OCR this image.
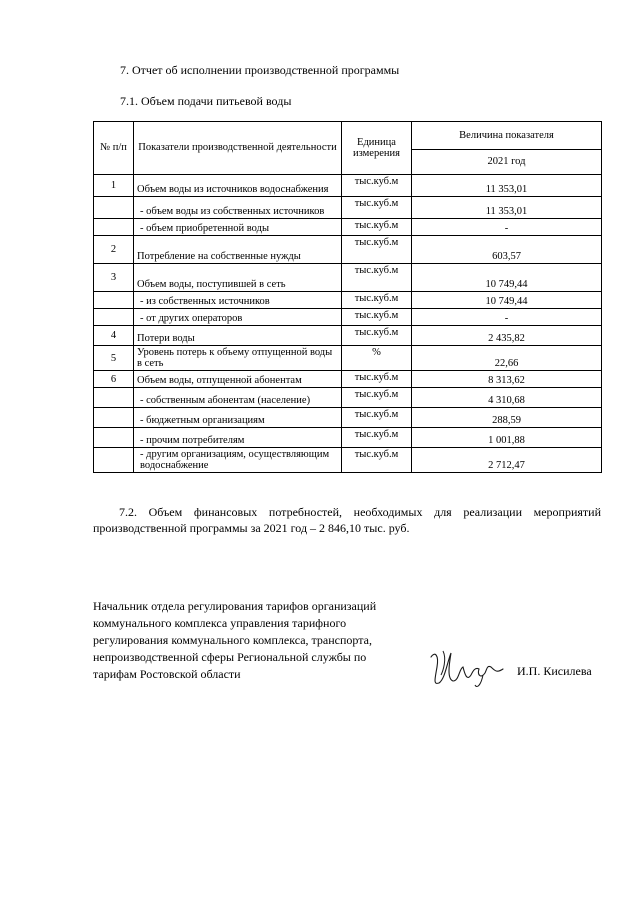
7. Отчет об исполнении производственной программы
7.1. Объем подачи питьевой воды
№ п/п	Показатели производственной деятельности	Единица измерения	Величина показателя
			2021 год
1	Объем воды из источников водоснабжения	тыс.куб.м	11 353,01
	- объем воды из собственных источников	тыс.куб.м	11 353,01
	- объем приобретенной воды	тыс.куб.м	-
2	Потребление на собственные нужды	тыс.куб.м	603,57
3	Объем воды, поступившей в сеть	тыс.куб.м	10 749,44
	- из собственных источников	тыс.куб.м	10 749,44
	- от других операторов	тыс.куб.м	-
4	Потери воды	тыс.куб.м	2 435,82
5	Уровень потерь к объему отпущенной воды в сеть	%	22,66
6	Объем воды, отпущенной абонентам	тыс.куб.м	8 313,62
	- собственным абонентам (население)	тыс.куб.м	4 310,68
	- бюджетным организациям	тыс.куб.м	288,59
	- прочим потребителям	тыс.куб.м	1 001,88
	- другим организациям, осуществляющим водоснабжение	тыс.куб.м	2 712,47
7.2. Объем финансовых потребностей, необходимых для реализации мероприятий производственной программы за 2021 год – 2 846,10 тыс. руб.
Начальник отдела регулирования тарифов организаций коммунального комплекса управления тарифного регулирования коммунального комплекса, транспорта, непроизводственной сферы Региональной службы по тарифам Ростовской области	И.П. Кисилева
